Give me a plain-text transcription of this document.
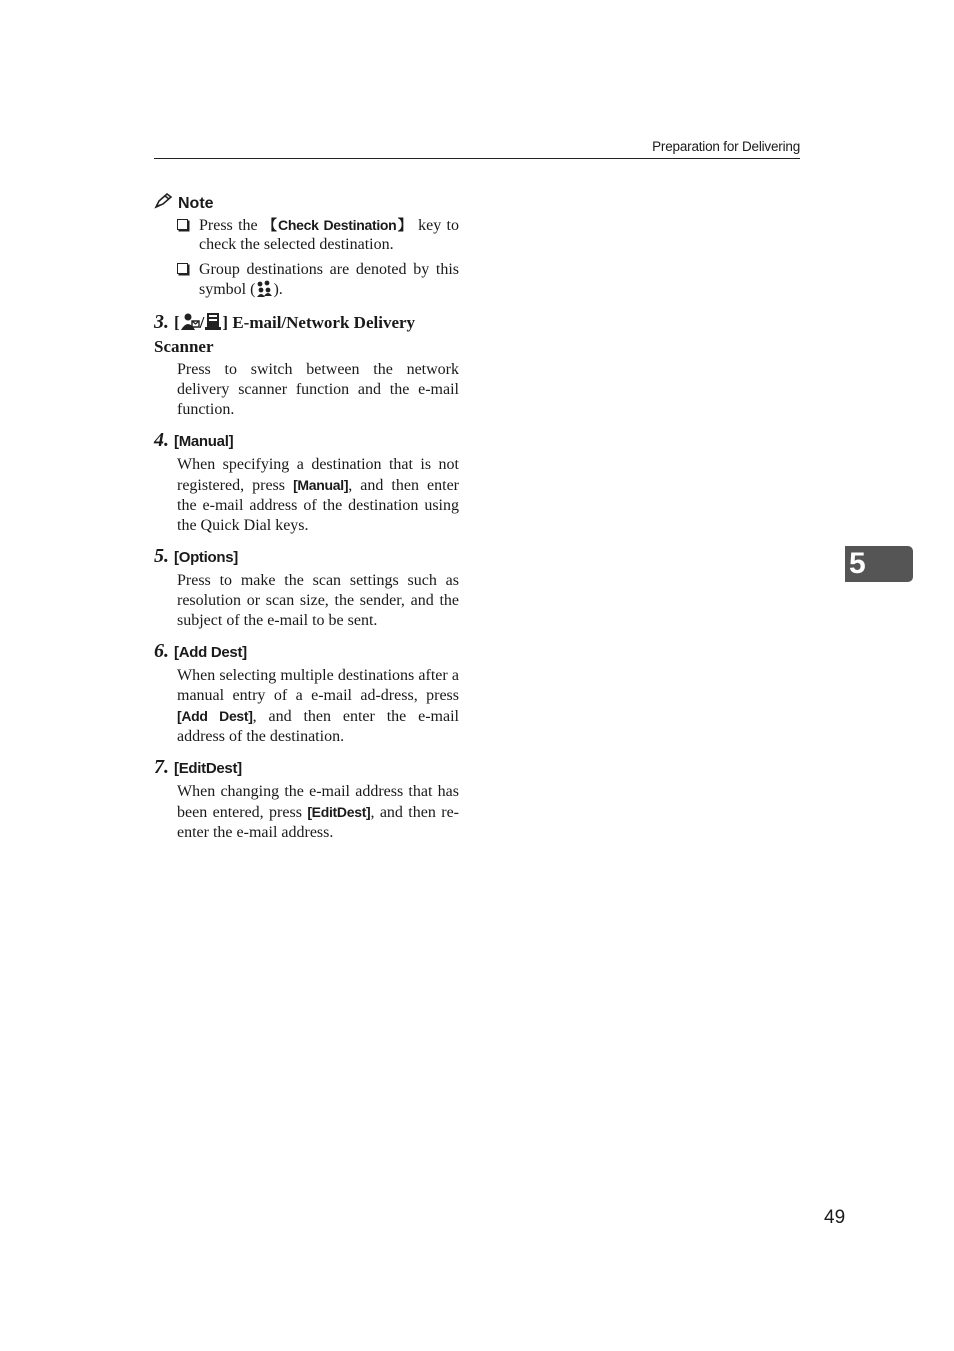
Preparation for Delivering
Note
Press the 【Check Destination】 key to check the selected destination.
Group destinations are denoted by this symbol ( ).
3. [ / ] E-mail/Network Delivery Scanner
Press to switch between the network delivery scanner function and the e-mail function.
4. [Manual]
When specifying a destination that is not registered, press [Manual], and then enter the e-mail address of the destination using the Quick Dial keys.
5. [Options]
Press to make the scan settings such as resolution or scan size, the sender, and the subject of the e-mail to be sent.
6. [Add Dest]
When selecting multiple destinations after a manual entry of a e-mail ad-dress, press [Add Dest], and then enter the e-mail address of the destination.
7. [EditDest]
When changing the e-mail address that has been entered, press [EditDest], and then re-enter the e-mail address.
5
49
